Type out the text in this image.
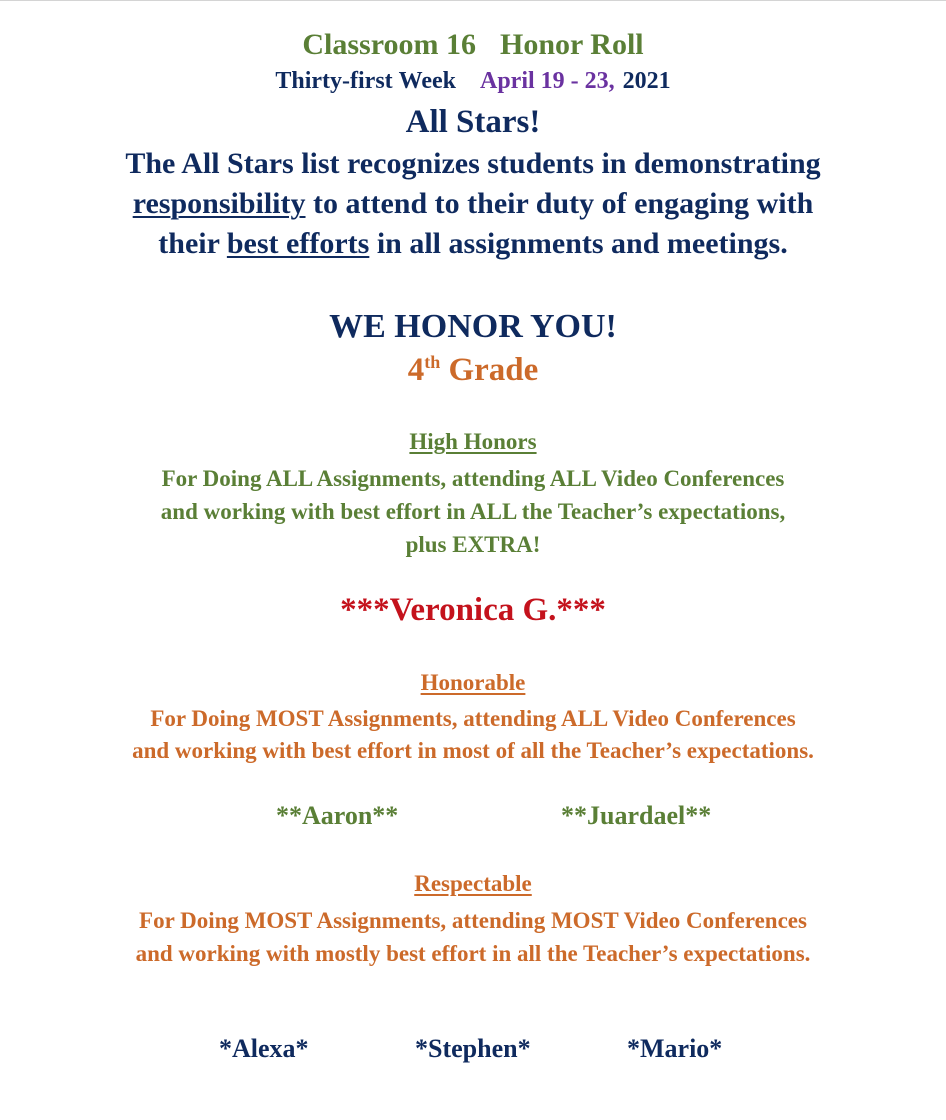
Classroom 16 Honor Roll
Thirty-first Week April 19 - 23, 2021
All Stars!
The All Stars list recognizes students in demonstrating
responsibility to attend to their duty of engaging with
their best efforts in all assignments and meetings.
WE HONOR YOU!
4th Grade
High Honors
For Doing ALL Assignments, attending ALL Video Conferences
and working with best effort in ALL the Teacher’s expectations,
plus EXTRA!
***Veronica G.***
Honorable
For Doing MOST Assignments, attending ALL Video Conferences
and working with best effort in most of all the Teacher’s expectations.
**Aaron**	**Juardael**
Respectable
For Doing MOST Assignments, attending MOST Video Conferences
and working with mostly best effort in all the Teacher’s expectations.
*Alexa*	*Stephen*	*Mario*
